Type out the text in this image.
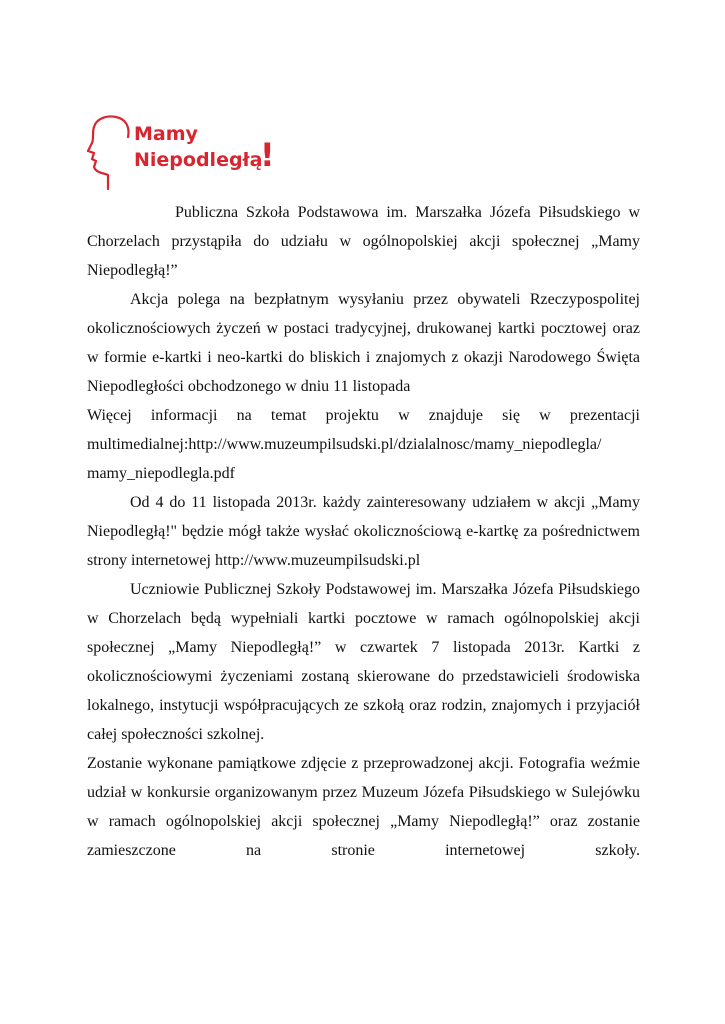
Mamy
Niepodległą
!

Publiczna Szkoła Podstawowa im. Marszałka Józefa Piłsudskiego w Chorzelach przystąpiła do udziału w ogólnopolskiej akcji społecznej „Mamy Niepodległą!”

Akcja polega na bezpłatnym wysyłaniu przez obywateli Rzeczypospolitej okolicznościowych życzeń w postaci tradycyjnej, drukowanej kartki pocztowej oraz w formie e-kartki i neo-kartki do bliskich i znajomych z okazji Narodowego Święta Niepodległości obchodzonego w dniu 11 listopada

Więcej informacji na temat projektu w znajduje się w prezentacji multimedialnej:http://www.muzeumpilsudski.pl/dzialalnosc/mamy_niepodlegla/ mamy_niepodlegla.pdf

Od 4 do 11 listopada 2013r. każdy zainteresowany udziałem w akcji „Mamy Niepodległą!" będzie mógł także wysłać okolicznościową e-kartkę za pośrednictwem strony internetowej http://www.muzeumpilsudski.pl

Uczniowie Publicznej Szkoły Podstawowej im. Marszałka Józefa Piłsudskiego w Chorzelach będą wypełniali kartki pocztowe w ramach ogólnopolskiej akcji społecznej „Mamy Niepodległą!” w czwartek 7 listopada 2013r. Kartki z okolicznościowymi życzeniami zostaną skierowane do przedstawicieli środowiska lokalnego, instytucji współpracujących ze szkołą oraz rodzin, znajomych i przyjaciół całej społeczności szkolnej.

Zostanie wykonane pamiątkowe zdjęcie z przeprowadzonej akcji. Fotografia weźmie udział w konkursie organizowanym przez Muzeum Józefa Piłsudskiego w Sulejówku w ramach ogólnopolskiej akcji społecznej „Mamy Niepodległą!” oraz zostanie zamieszczone na stronie internetowej szkoły.
